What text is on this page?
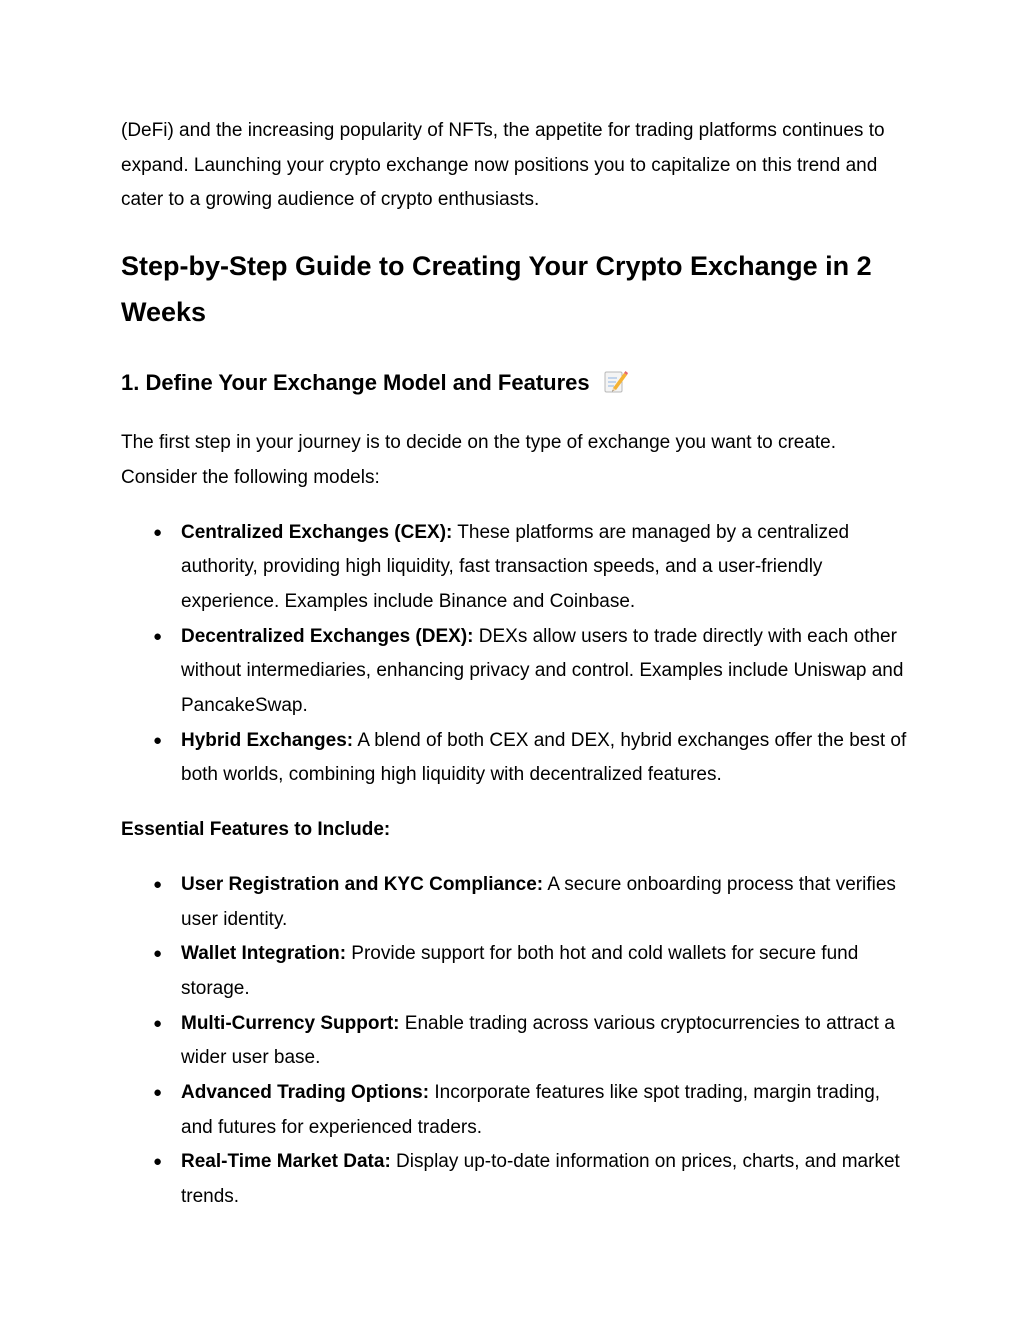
(DeFi) and the increasing popularity of NFTs, the appetite for trading platforms continues to expand. Launching your crypto exchange now positions you to capitalize on this trend and cater to a growing audience of crypto enthusiasts.

Step-by-Step Guide to Creating Your Crypto Exchange in 2 Weeks
1. Define Your Exchange Model and Features

The first step in your journey is to decide on the type of exchange you want to create. Consider the following models:

● Centralized Exchanges (CEX): These platforms are managed by a centralized authority, providing high liquidity, fast transaction speeds, and a user-friendly experience. Examples include Binance and Coinbase.
● Decentralized Exchanges (DEX): DEXs allow users to trade directly with each other without intermediaries, enhancing privacy and control. Examples include Uniswap and PancakeSwap.
● Hybrid Exchanges: A blend of both CEX and DEX, hybrid exchanges offer the best of both worlds, combining high liquidity with decentralized features.
Essential Features to Include:
● User Registration and KYC Compliance: A secure onboarding process that verifies user identity.
● Wallet Integration: Provide support for both hot and cold wallets for secure fund storage.
● Multi-Currency Support: Enable trading across various cryptocurrencies to attract a wider user base.
● Advanced Trading Options: Incorporate features like spot trading, margin trading, and futures for experienced traders.
● Real-Time Market Data: Display up-to-date information on prices, charts, and market trends.
